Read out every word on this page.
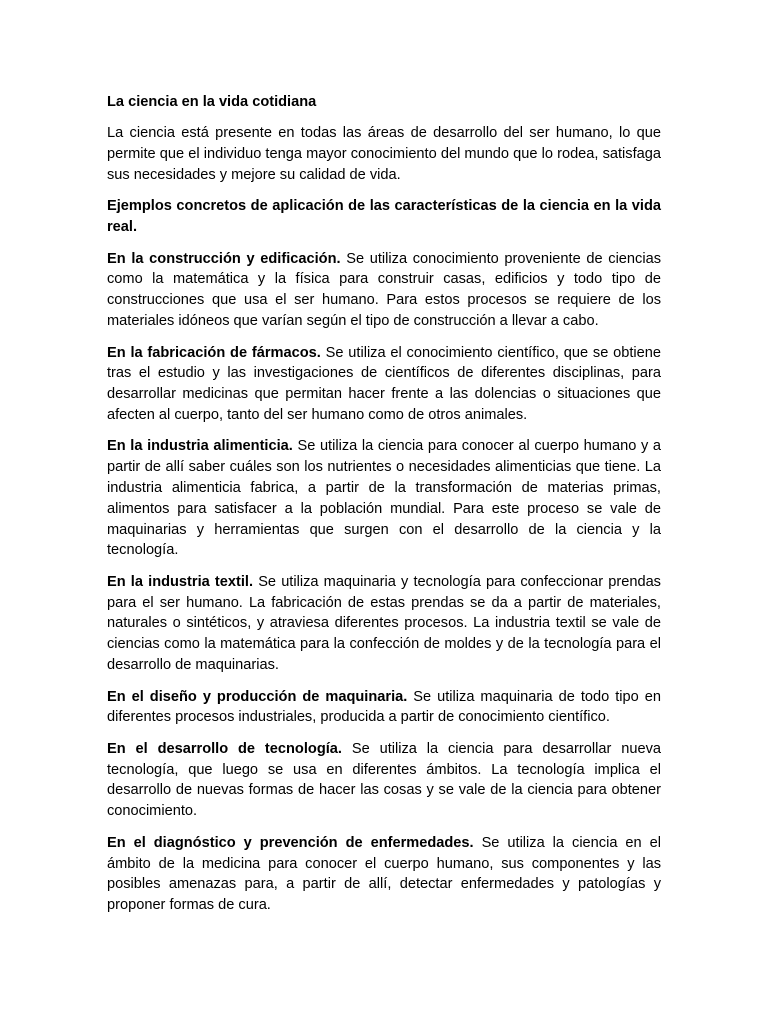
La ciencia en la vida cotidiana

La ciencia está presente en todas las áreas de desarrollo del ser humano, lo que permite que el individuo tenga mayor conocimiento del mundo que lo rodea, satisfaga sus necesidades y mejore su calidad de vida.

Ejemplos concretos de aplicación de las características de la ciencia en la vida real.

En la construcción y edificación. Se utiliza conocimiento proveniente de ciencias como la matemática y la física para construir casas, edificios y todo tipo de construcciones que usa el ser humano. Para estos procesos se requiere de los materiales idóneos que varían según el tipo de construcción a llevar a cabo.

En la fabricación de fármacos. Se utiliza el conocimiento científico, que se obtiene tras el estudio y las investigaciones de científicos de diferentes disciplinas, para desarrollar medicinas que permitan hacer frente a las dolencias o situaciones que afecten al cuerpo, tanto del ser humano como de otros animales.

En la industria alimenticia. Se utiliza la ciencia para conocer al cuerpo humano y a partir de allí saber cuáles son los nutrientes o necesidades alimenticias que tiene. La industria alimenticia fabrica, a partir de la transformación de materias primas, alimentos para satisfacer a la población mundial. Para este proceso se vale de maquinarias y herramientas que surgen con el desarrollo de la ciencia y la tecnología.

En la industria textil. Se utiliza maquinaria y tecnología para confeccionar prendas para el ser humano. La fabricación de estas prendas se da a partir de materiales, naturales o sintéticos, y atraviesa diferentes procesos. La industria textil se vale de ciencias como la matemática para la confección de moldes y de la tecnología para el desarrollo de maquinarias.

En el diseño y producción de maquinaria. Se utiliza maquinaria de todo tipo en diferentes procesos industriales, producida a partir de conocimiento científico.

En el desarrollo de tecnología. Se utiliza la ciencia para desarrollar nueva tecnología, que luego se usa en diferentes ámbitos. La tecnología implica el desarrollo de nuevas formas de hacer las cosas y se vale de la ciencia para obtener conocimiento.

En el diagnóstico y prevención de enfermedades. Se utiliza la ciencia en el ámbito de la medicina para conocer el cuerpo humano, sus componentes y las posibles amenazas para, a partir de allí, detectar enfermedades y patologías y proponer formas de cura.
